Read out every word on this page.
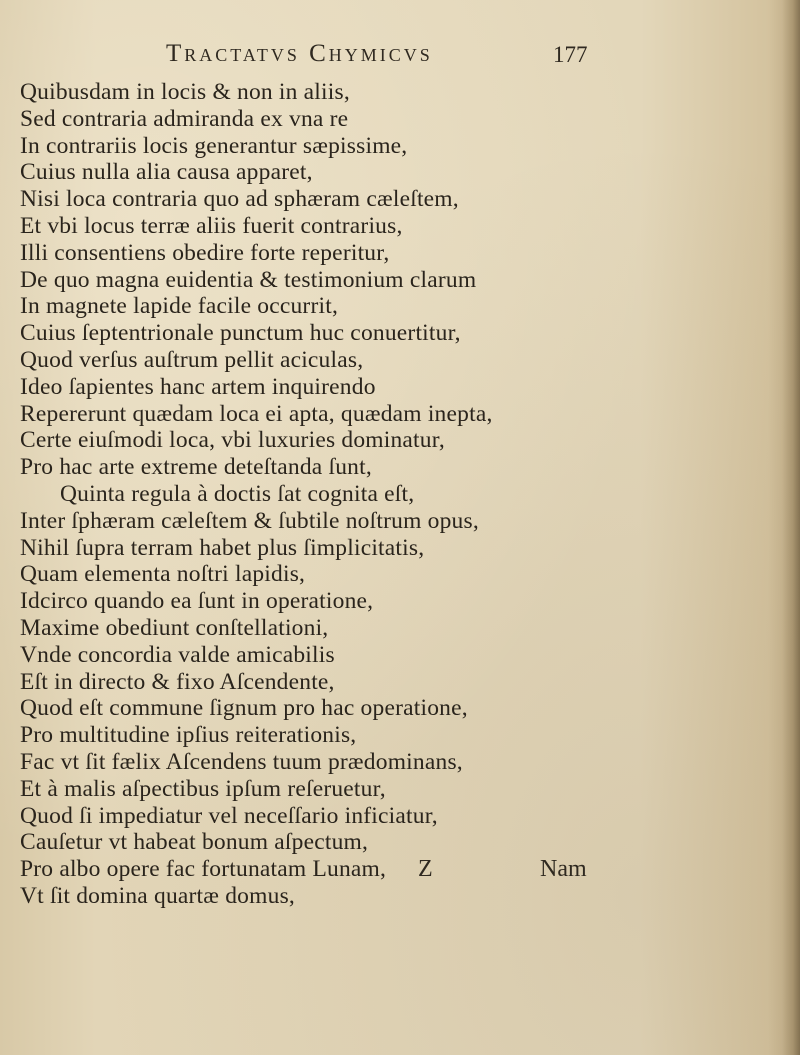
Tractatvs Chymicvs	177
Quibusdam in locis & non in aliis,
Sed contraria admiranda ex vna re
In contrariis locis generantur sæpissime,
Cuius nulla alia causa apparet,
Nisi loca contraria quo ad sphæram cæleſtem,
Et vbi locus terræ aliis fuerit contrarius,
Illi consentiens obedire forte reperitur,
De quo magna euidentia & testimonium clarum
In magnete lapide facile occurrit,
Cuius ſeptentrionale punctum huc conuertitur,
Quod verſus auſtrum pellit aciculas,
Ideo ſapientes hanc artem inquirendo
Repererunt quædam loca ei apta, quædam inepta,
Certe eiuſmodi loca, vbi luxuries dominatur,
Pro hac arte extreme deteſtanda ſunt,
Quinta regula à doctis ſat cognita eſt,
Inter ſphæram cæleſtem & ſubtile noſtrum opus,
Nihil ſupra terram habet plus ſimplicitatis,
Quam elementa noſtri lapidis,
Idcirco quando ea ſunt in operatione,
Maxime obediunt conſtellationi,
Vnde concordia valde amicabilis
Eſt in directo & fixo Aſcendente,
Quod eſt commune ſignum pro hac operatione,
Pro multitudine ipſius reiterationis,
Fac vt ſit fælix Aſcendens tuum prædominans,
Et à malis aſpectibus ipſum reſeruetur,
Quod ſi impediatur vel neceſſario inficiatur,
Cauſetur vt habeat bonum aſpectum,
Pro albo opere fac fortunatam Lunam,
Vt ſit domina quartæ domus,
Z	Nam
